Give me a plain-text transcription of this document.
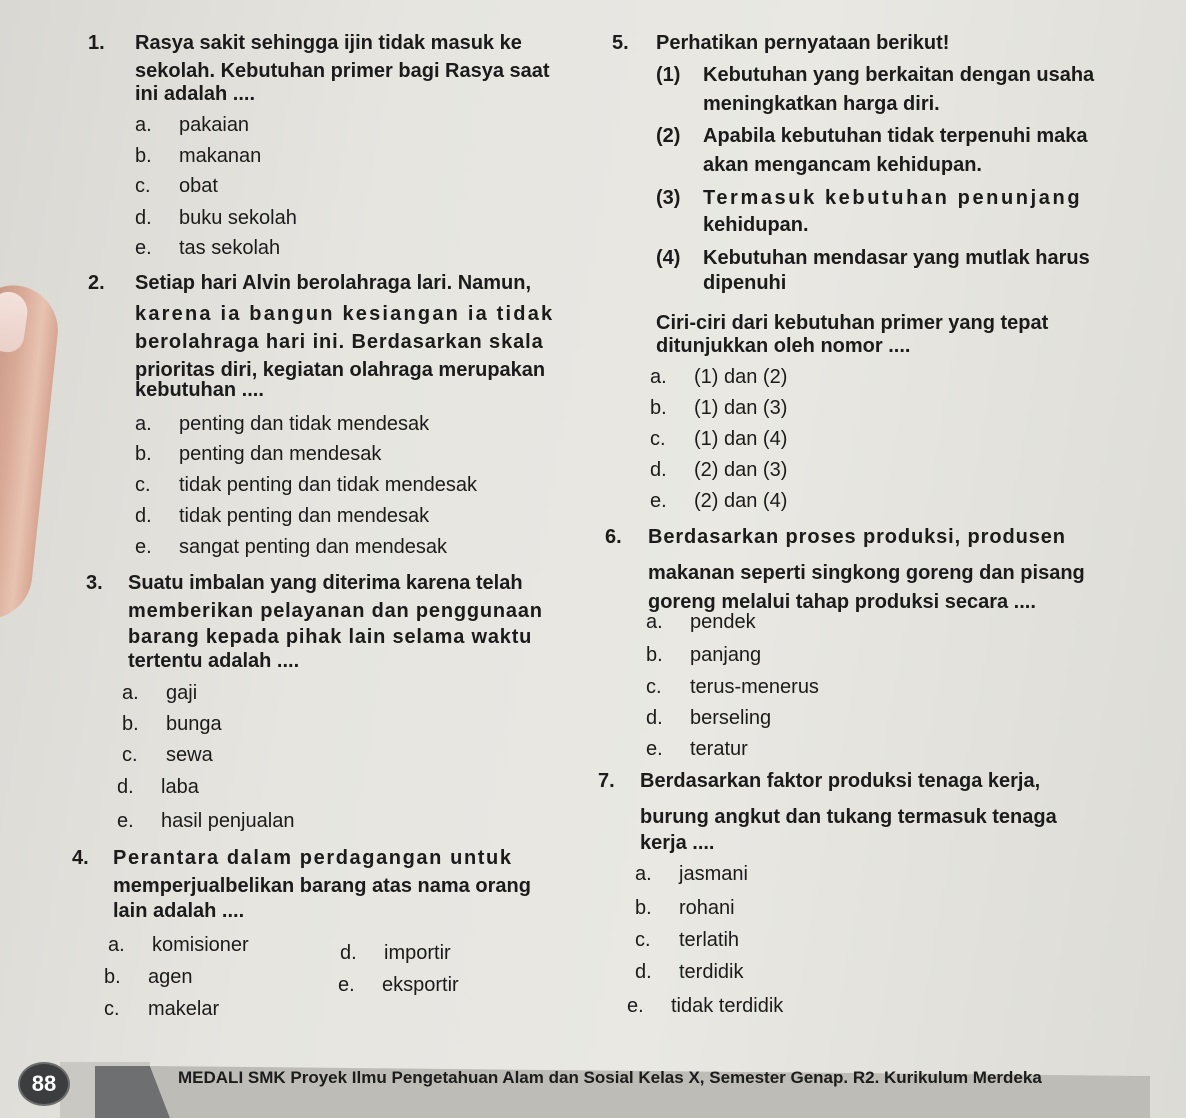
1. Rasya sakit sehingga ijin tidak masuk ke
sekolah. Kebutuhan primer bagi Rasya saat
ini adalah ....
a. pakaian
b. makanan
c. obat
d. buku sekolah
e. tas sekolah
2. Setiap hari Alvin berolahraga lari. Namun,
karena ia bangun kesiangan ia tidak
berolahraga hari ini. Berdasarkan skala
prioritas diri, kegiatan olahraga merupakan
kebutuhan ....
a. penting dan tidak mendesak
b. penting dan mendesak
c. tidak penting dan tidak mendesak
d. tidak penting dan mendesak
e. sangat penting dan mendesak
3. Suatu imbalan yang diterima karena telah
memberikan pelayanan dan penggunaan
barang kepada pihak lain selama waktu
tertentu adalah ....
a. gaji
b. bunga
c. sewa
d. laba
e. hasil penjualan
4. Perantara dalam perdagangan untuk
memperjualbelikan barang atas nama orang
lain adalah ....
a. komisioner
b. agen
c. makelar
d. importir
e. eksportir
5. Perhatikan pernyataan berikut!
(1) Kebutuhan yang berkaitan dengan usaha
meningkatkan harga diri.
(2) Apabila kebutuhan tidak terpenuhi maka
akan mengancam kehidupan.
(3) Termasuk kebutuhan penunjang
kehidupan.
(4) Kebutuhan mendasar yang mutlak harus
dipenuhi
Ciri-ciri dari kebutuhan primer yang tepat
ditunjukkan oleh nomor ....
a. (1) dan (2)
b. (1) dan (3)
c. (1) dan (4)
d. (2) dan (3)
e. (2) dan (4)
6. Berdasarkan proses produksi, produsen
makanan seperti singkong goreng dan pisang
goreng melalui tahap produksi secara ....
a. pendek
b. panjang
c. terus-menerus
d. berseling
e. teratur
7. Berdasarkan faktor produksi tenaga kerja,
burung angkut dan tukang termasuk tenaga
kerja ....
a. jasmani
b. rohani
c. terlatih
d. terdidik
e. tidak terdidik
88	MEDALI SMK Proyek Ilmu Pengetahuan Alam dan Sosial Kelas X, Semester Genap. R2. Kurikulum Merdeka
